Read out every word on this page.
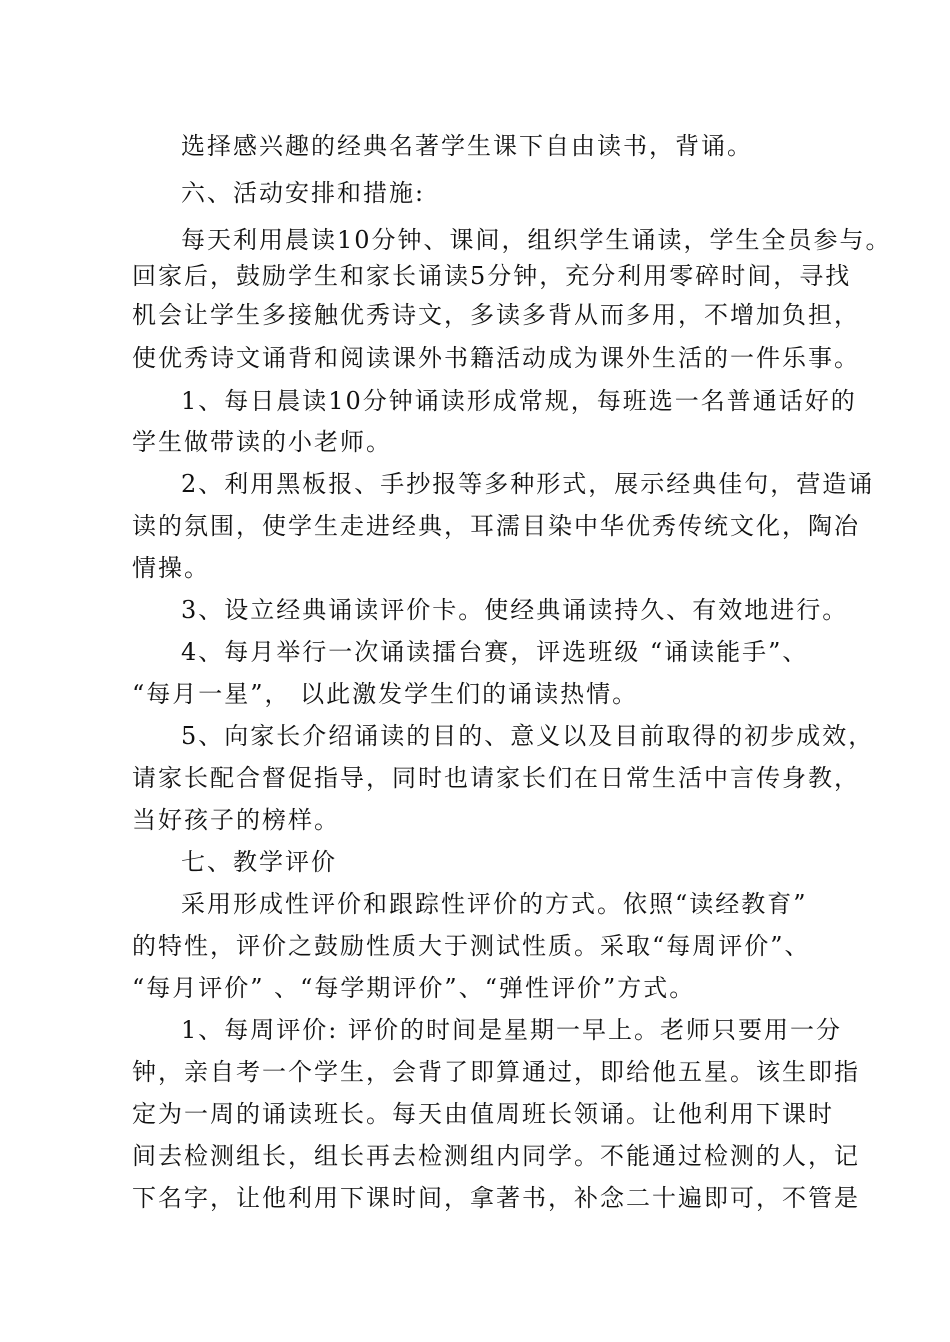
选择感兴趣的经典名著学生课下自由读书，背诵。
六、活动安排和措施:
每天利用晨读10分钟、课间，组织学生诵读，学生全员参与。
回家后，鼓励学生和家长诵读5分钟，充分利用零碎时间，寻找
机会让学生多接触优秀诗文，多读多背从而多用，不增加负担，
使优秀诗文诵背和阅读课外书籍活动成为课外生活的一件乐事。
1、每日晨读10分钟诵读形成常规，每班选一名普通话好的
学生做带读的小老师。
2、利用黑板报、手抄报等多种形式，展示经典佳句，营造诵
读的氛围，使学生走进经典，耳濡目染中华优秀传统文化，陶冶
情操。
3、设立经典诵读评价卡。使经典诵读持久、有效地进行。
4、每月举行一次诵读擂台赛，评选班级 “诵读能手”、
“每月一星”， 以此激发学生们的诵读热情。
5、向家长介绍诵读的目的、意义以及目前取得的初步成效，
请家长配合督促指导，同时也请家长们在日常生活中言传身教，
当好孩子的榜样。
七、教学评价
采用形成性评价和跟踪性评价的方式。依照“读经教育”
的特性，评价之鼓励性质大于测试性质。采取“每周评价”、
“每月评价” 、“每学期评价”、“弹性评价”方式。
1、每周评价: 评价的时间是星期一早上。老师只要用一分
钟，亲自考一个学生，会背了即算通过，即给他五星。该生即指
定为一周的诵读班长。每天由值周班长领诵。让他利用下课时
间去检测组长，组长再去检测组内同学。不能通过检测的人，记
下名字，让他利用下课时间，拿著书，补念二十遍即可，不管是
